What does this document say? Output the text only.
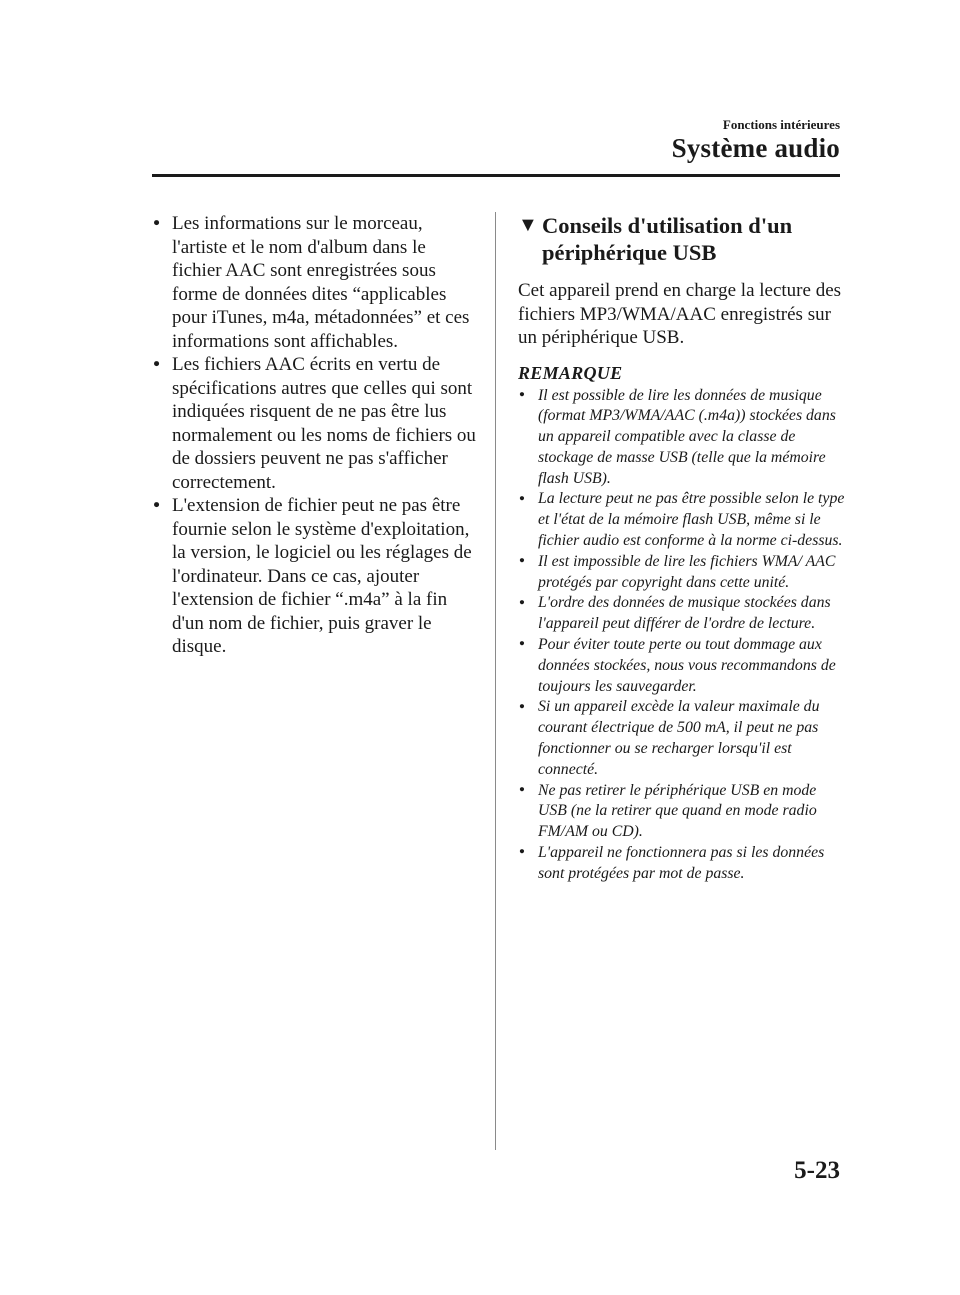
Fonctions intérieures
Système audio
● Les informations sur le morceau, l'artiste et le nom d'album dans le fichier AAC sont enregistrées sous forme de données dites “applicables pour iTunes, m4a, métadonnées” et ces informations sont affichables.
● Les fichiers AAC écrits en vertu de spécifications autres que celles qui sont indiquées risquent de ne pas être lus normalement ou les noms de fichiers ou de dossiers peuvent ne pas s'afficher correctement.
● L'extension de fichier peut ne pas être fournie selon le système d'exploitation, la version, le logiciel ou les réglages de l'ordinateur. Dans ce cas, ajouter l'extension de fichier “.m4a” à la fin d'un nom de fichier, puis graver le disque.
▼ Conseils d'utilisation d'un périphérique USB

Cet appareil prend en charge la lecture des fichiers MP3/WMA/AAC enregistrés sur un périphérique USB.

REMARQUE
● Il est possible de lire les données de musique (format MP3/WMA/AAC (.m4a)) stockées dans un appareil compatible avec la classe de stockage de masse USB (telle que la mémoire flash USB).
● La lecture peut ne pas être possible selon le type et l'état de la mémoire flash USB, même si le fichier audio est conforme à la norme ci-dessus.
● Il est impossible de lire les fichiers WMA/ AAC protégés par copyright dans cette unité.
● L'ordre des données de musique stockées dans l'appareil peut différer de l'ordre de lecture.
● Pour éviter toute perte ou tout dommage aux données stockées, nous vous recommandons de toujours les sauvegarder.
● Si un appareil excède la valeur maximale du courant électrique de 500 mA, il peut ne pas fonctionner ou se recharger lorsqu'il est connecté.
● Ne pas retirer le périphérique USB en mode USB (ne la retirer que quand en mode radio FM/AM ou CD).
● L'appareil ne fonctionnera pas si les données sont protégées par mot de passe.
5-23
